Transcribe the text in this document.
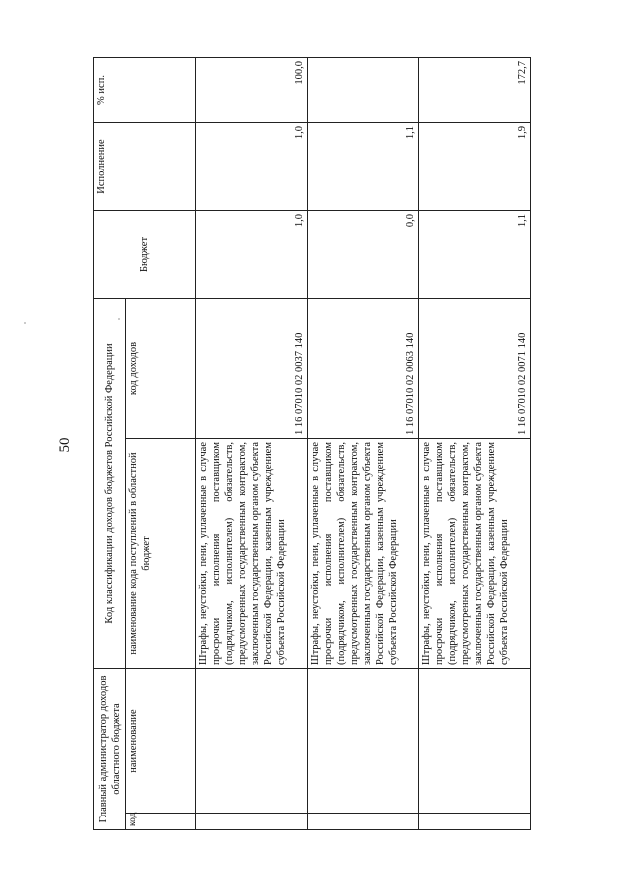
50
Главный администратор доходов областного бюджета		Код классификации доходов бюджетов Российской Федерации		Бюджет	Исполнение	% исп.
код	наименование	наименование кода поступлений в областной бюджет	код доходов			
		Штрафы, неустойки, пени, уплаченные в случае просрочки исполнения поставщиком (подрядчиком, исполнителем) обязательств, предусмотренных государственным контрактом, заключенным государственным органом субъекта Российской Федерации, казенным учреждением субъекта Российской Федерации	1 16 07010 02 0037 140	1,0	1,0	100,0
		Штрафы, неустойки, пени, уплаченные в случае просрочки исполнения поставщиком (подрядчиком, исполнителем) обязательств, предусмотренных государственным контрактом, заключенным государственным органом субъекта Российской Федерации, казенным учреждением субъекта Российской Федерации	1 16 07010 02 0063 140	0,0	1,1	
		Штрафы, неустойки, пени, уплаченные в случае просрочки исполнения поставщиком (подрядчиком, исполнителем) обязательств, предусмотренных государственным контрактом, заключенным государственным органом субъекта Российской Федерации, казенным учреждением субъекта Российской Федерации	1 16 07010 02 0071 140	1,1	1,9	172,7
